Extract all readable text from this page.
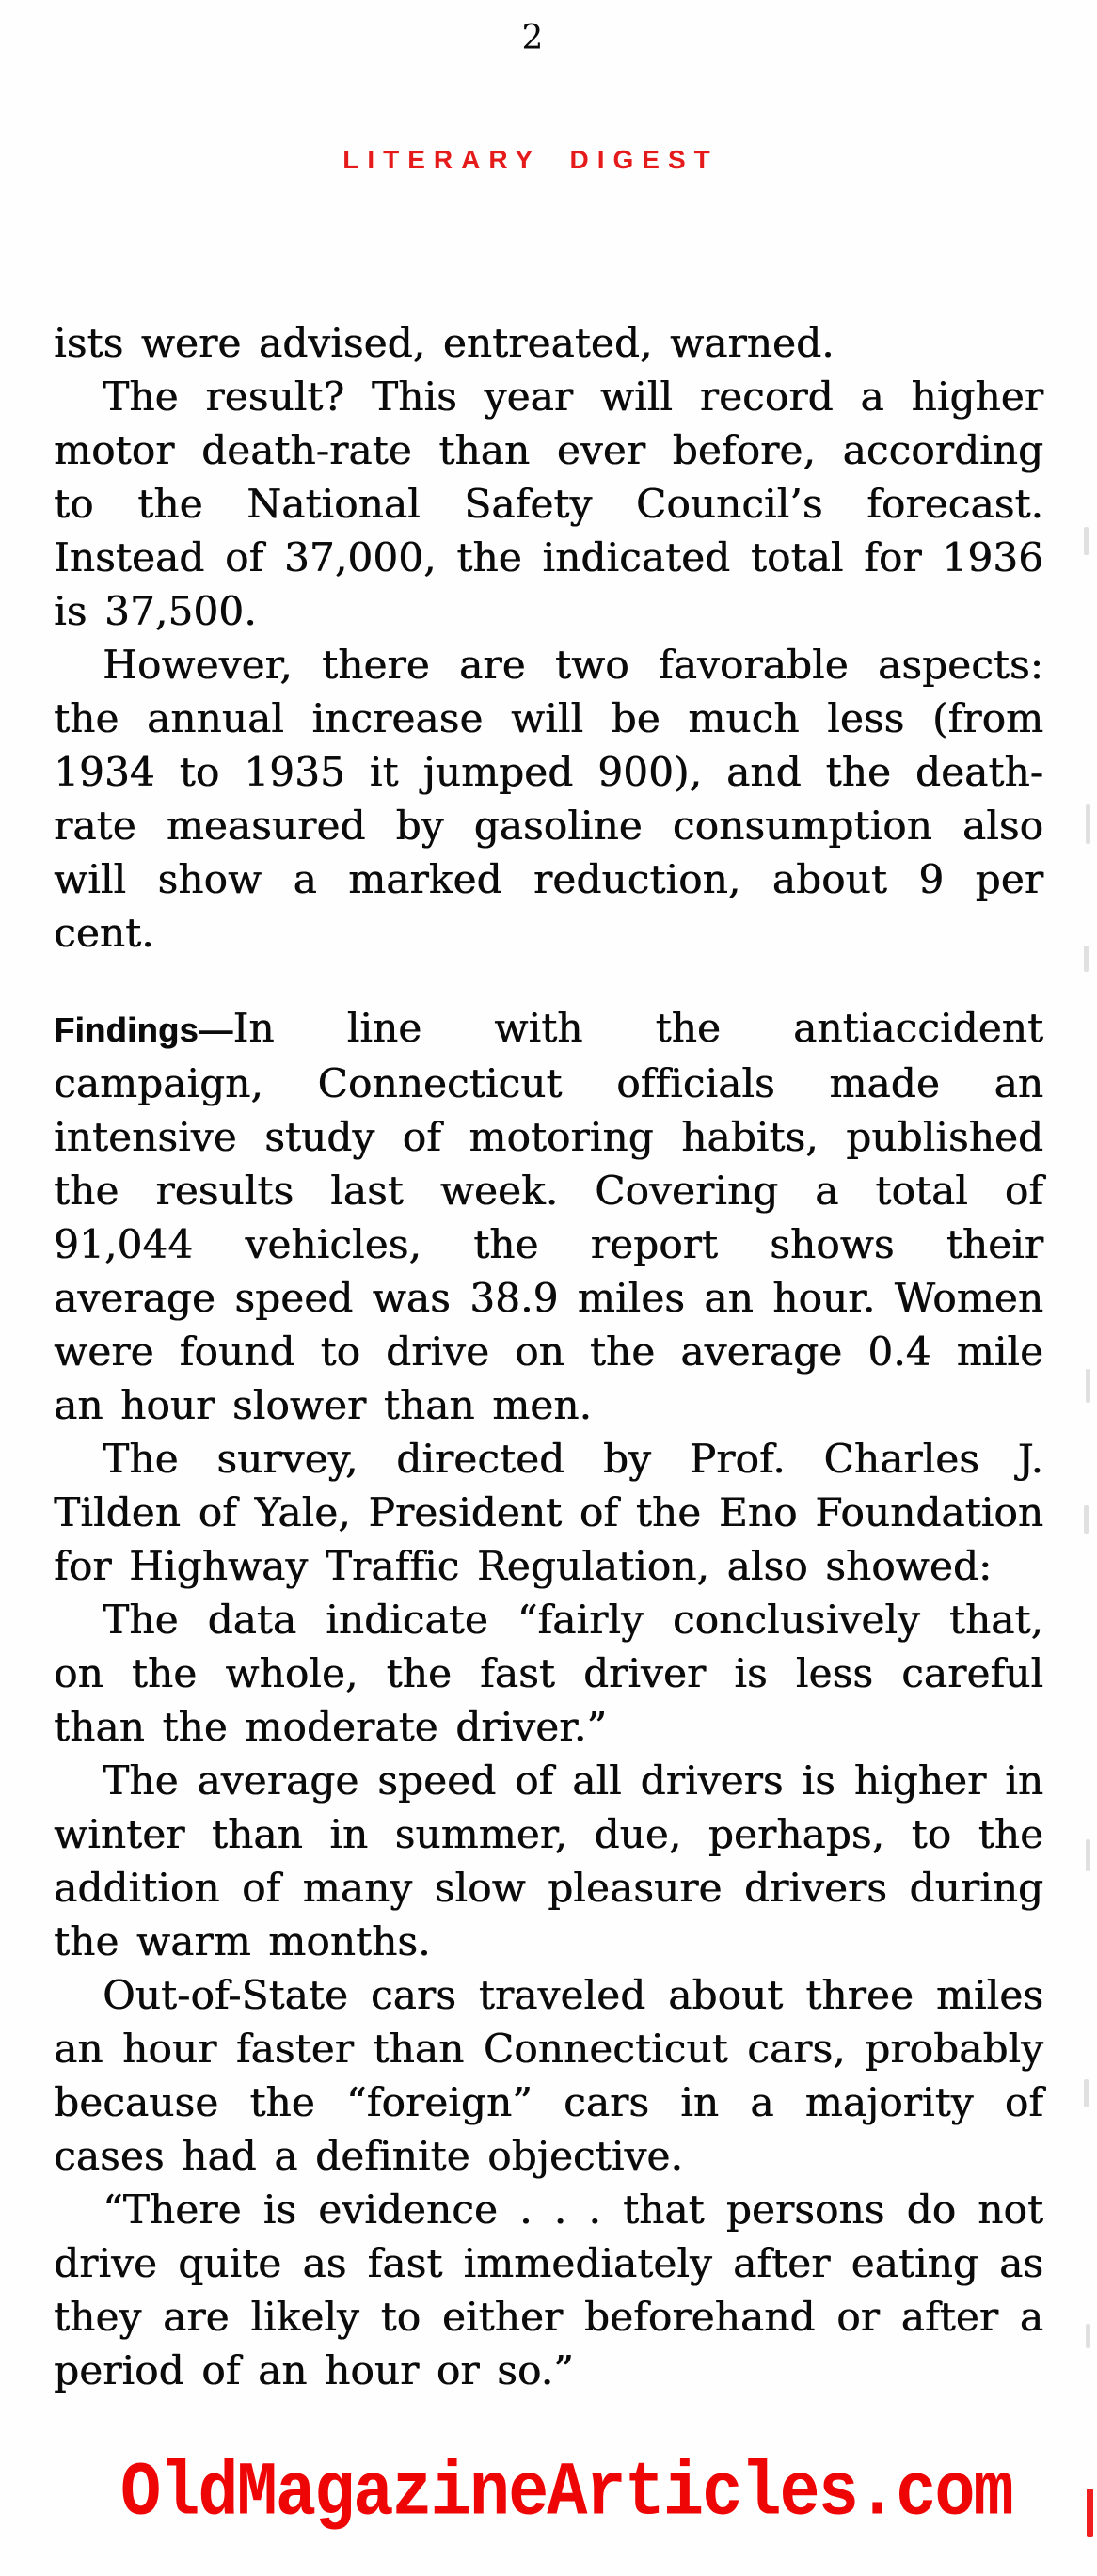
2
LITERARY DIGEST

ists were advised, entreated, warned.

The result? This year will record a higher motor death-rate than ever before, according to the National Safety Council’s forecast. Instead of 37,000, the indicated total for 1936 is 37,500.

However, there are two favorable aspects: the annual increase will be much less (from 1934 to 1935 it jumped 900), and the death-rate measured by gasoline consumption also will show a marked reduction, about 9 per cent.

Findings—In line with the antiaccident campaign, Connecticut officials made an intensive study of motoring habits, published the results last week. Covering a total of 91,044 vehicles, the report shows their average speed was 38.9 miles an hour. Women were found to drive on the average 0.4 mile an hour slower than men.

The survey, directed by Prof. Charles J. Tilden of Yale, President of the Eno Foundation for Highway Traffic Regulation, also showed:

The data indicate “fairly conclusively that, on the whole, the fast driver is less careful than the moderate driver.”

The average speed of all drivers is higher in winter than in summer, due, perhaps, to the addition of many slow pleasure drivers during the warm months.

Out-of-State cars traveled about three miles an hour faster than Connecticut cars, probably because the “foreign” cars in a majority of cases had a definite objective.

“There is evidence . . . that persons do not drive quite as fast immediately after eating as they are likely to either beforehand or after a period of an hour or so.”

OldMagazineArticles.com
